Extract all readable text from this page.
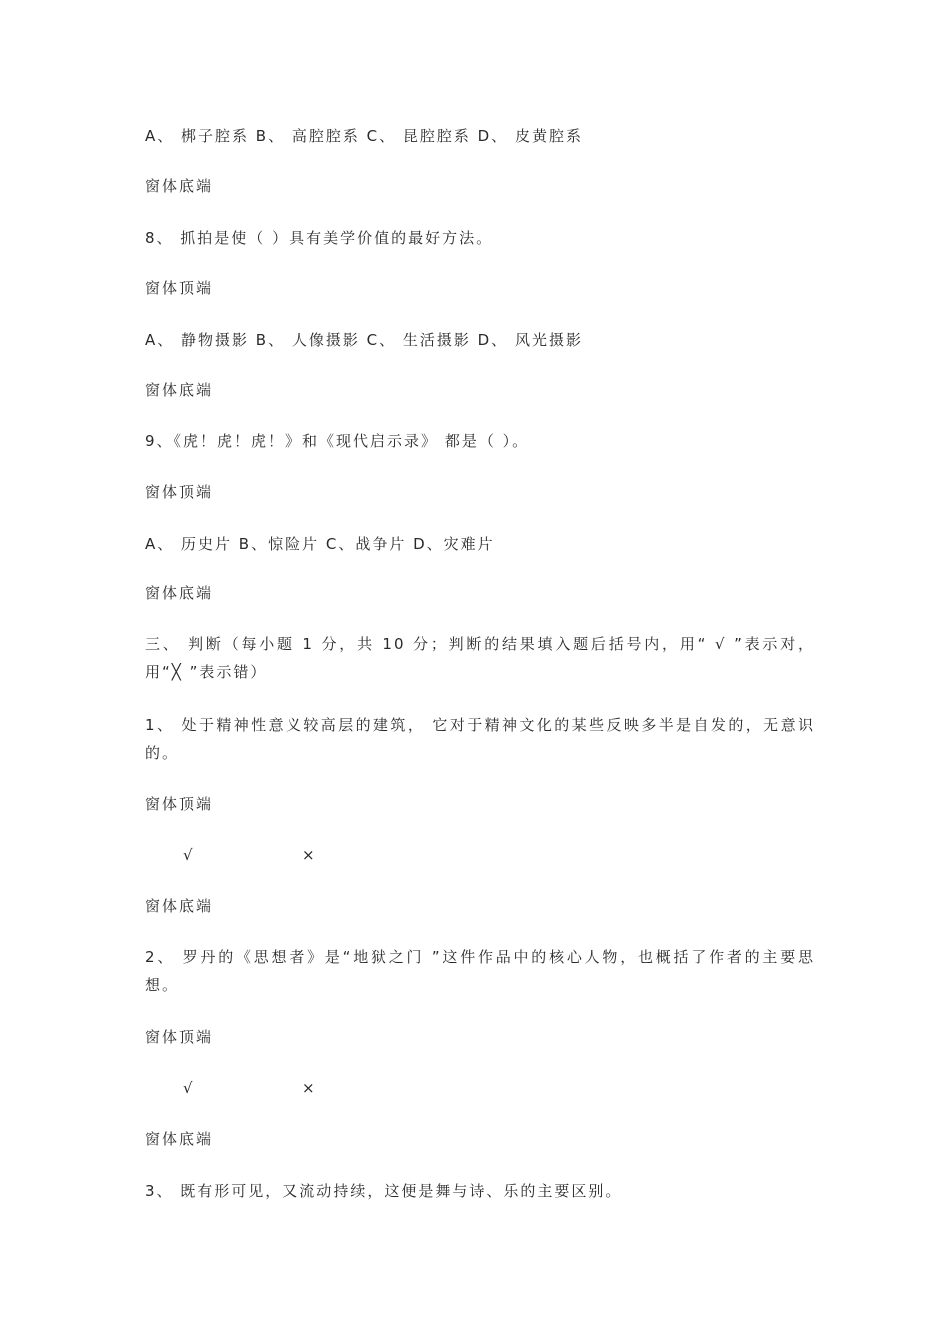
A、 梆子腔系 B、 高腔腔系 C、 昆腔腔系 D、 皮黄腔系
窗体底端
8、 抓拍是使（ ）具有美学价值的最好方法。
窗体顶端
A、 静物摄影 B、 人像摄影 C、 生活摄影 D、 风光摄影
窗体底端
9、《虎！虎！虎！》和《现代启示录》 都是（ ）。
窗体顶端
A、 历史片 B、惊险片 C、战争片 D、灾难片
窗体底端
三、 判断（每小题 1 分，共 10 分；判断的结果填入题后括号内，用“ √ ”表示对，用“╳ ”表示错）
1、 处于精神性意义较高层的建筑， 它对于精神文化的某些反映多半是自发的，无意识的。
窗体顶端
√	×
窗体底端
2、 罗丹的《思想者》是“地狱之门 ”这件作品中的核心人物，也概括了作者的主要思想。
窗体顶端
√	×
窗体底端
3、 既有形可见，又流动持续，这便是舞与诗、乐的主要区别。
